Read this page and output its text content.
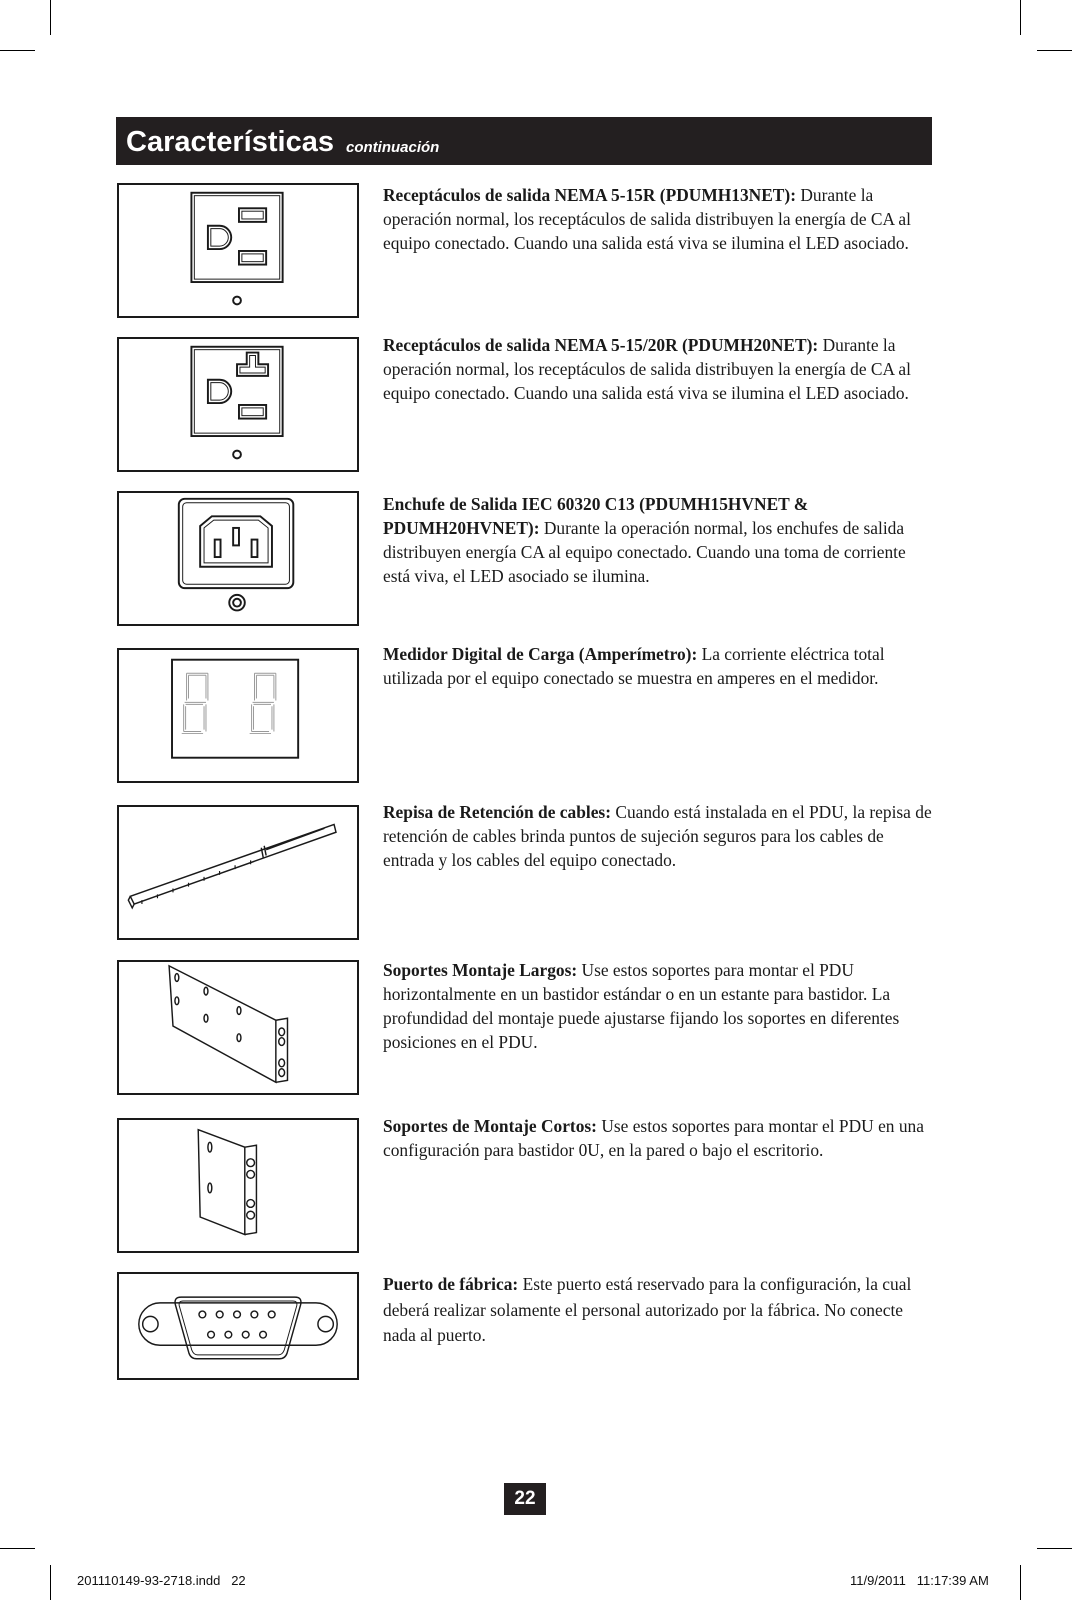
Características continuación
Receptáculos de salida NEMA 5-15R (PDUMH13NET): Durante la operación normal, los receptáculos de salida distribuyen la energía de CA al equipo conectado. Cuando una salida está viva se ilumina el LED asociado.
Receptáculos de salida NEMA 5-15/20R (PDUMH20NET): Durante la operación normal, los receptáculos de salida distribuyen la energía de CA al equipo conectado. Cuando una salida está viva se ilumina el LED asociado.
Enchufe de Salida IEC 60320 C13 (PDUMH15HVNET & PDUMH20HVNET): Durante la operación normal, los enchufes de salida distribuyen energía CA al equipo conectado. Cuando una toma de corriente está viva, el LED asociado se ilumina.
Medidor Digital de Carga (Amperímetro): La corriente eléctrica total utilizada por el equipo conectado se muestra en amperes en el medidor.
Repisa de Retención de cables: Cuando está instalada en el PDU, la repisa de retención de cables brinda puntos de sujeción seguros para los cables de entrada y los cables del equipo conectado.
Soportes Montaje Largos: Use estos soportes para montar el PDU horizontalmente en un bastidor estándar o en un estante para bastidor. La profundidad del montaje puede ajustarse fijando los soportes en diferentes posiciones en el PDU.
Soportes de Montaje Cortos: Use estos soportes para montar el PDU en una configuración para bastidor 0U, en la pared o bajo el escritorio.
Puerto de fábrica: Este puerto está reservado para la configuración, la cual deberá realizar solamente el personal autorizado por la fábrica. No conecte nada al puerto.
22
201110149-93-2718.indd   22	11/9/2011   11:17:39 AM
